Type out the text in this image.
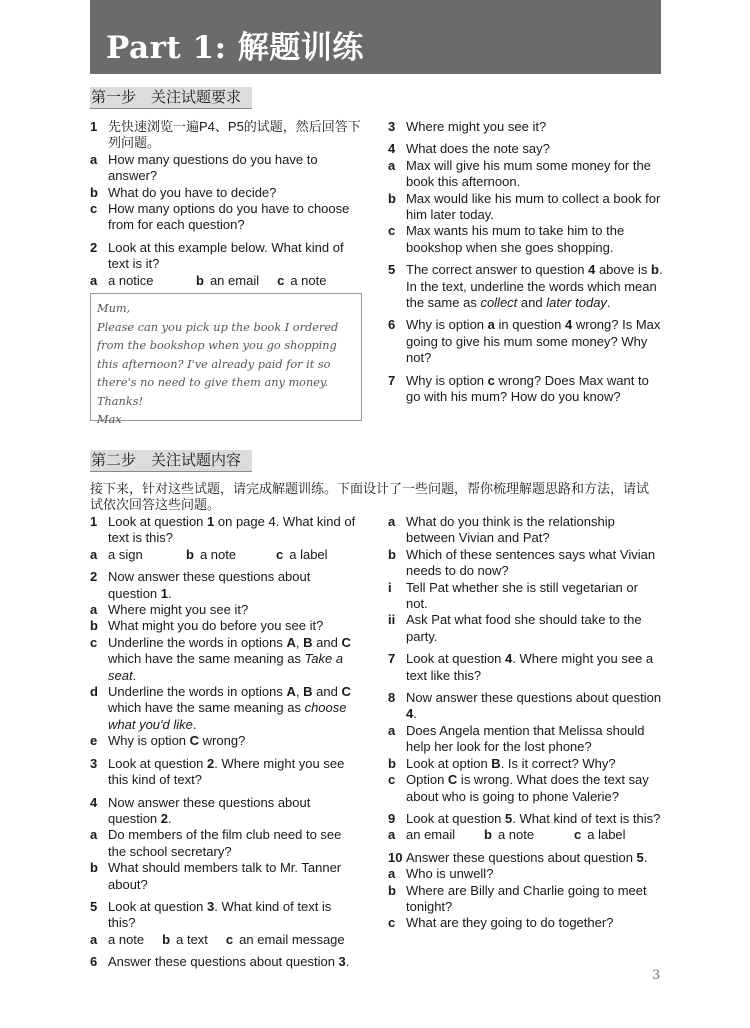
Part 1: 解题训练
第一步　关注试题要求
1 先快速浏览一遍P4、P5的试题，然后回答下列问题。
a How many questions do you have to answer?
b What do you have to decide?
c How many options do you have to choose from for each question?
2 Look at this example below. What kind of text is it?
a a notice	b an email c a note
Mum,
Please can you pick up the book I ordered
from the bookshop when you go shopping
this afternoon? I've already paid for it so
there's no need to give them any money.
Thanks!
Max
3 Where might you see it?
4 What does the note say?
a Max will give his mum some money for the book this afternoon.
b Max would like his mum to collect a book for him later today.
c Max wants his mum to take him to the bookshop when she goes shopping.
5 The correct answer to question 4 above is b. In the text, underline the words which mean the same as collect and later today.
6 Why is option a in question 4 wrong? Is Max going to give his mum some money? Why not?
7 Why is option c wrong? Does Max want to go with his mum? How do you know?
第二步　关注试题内容
接下来，针对这些试题，请完成解题训练。下面设计了一些问题，帮你梳理解题思路和方法，请试试依次回答这些问题。
1 Look at question 1 on page 4. What kind of text is this?
a a sign	b a note	c a label
2 Now answer these questions about question 1.
a Where might you see it?
b What might you do before you see it?
c Underline the words in options A, B and C which have the same meaning as Take a seat.
d Underline the words in options A, B and C which have the same meaning as choose what you'd like.
e Why is option C wrong?
3 Look at question 2. Where might you see this kind of text?
4 Now answer these questions about question 2.
a Do members of the film club need to see the school secretary?
b What should members talk to Mr. Tanner about?
5 Look at question 3. What kind of text is this?
a a note b a text c an email message
6 Answer these questions about question 3.
a What do you think is the relationship between Vivian and Pat?
b Which of these sentences says what Vivian needs to do now?
i Tell Pat whether she is still vegetarian or not.
ii Ask Pat what food she should take to the party.
7 Look at question 4. Where might you see a text like this?
8 Now answer these questions about question 4.
a Does Angela mention that Melissa should help her look for the lost phone?
b Look at option B. Is it correct? Why?
c Option C is wrong. What does the text say about who is going to phone Valerie?
9 Look at question 5. What kind of text is this?
a an email	b a note	c a label
10 Answer these questions about question 5.
a Who is unwell?
b Where are Billy and Charlie going to meet tonight?
c What are they going to do together?
3
